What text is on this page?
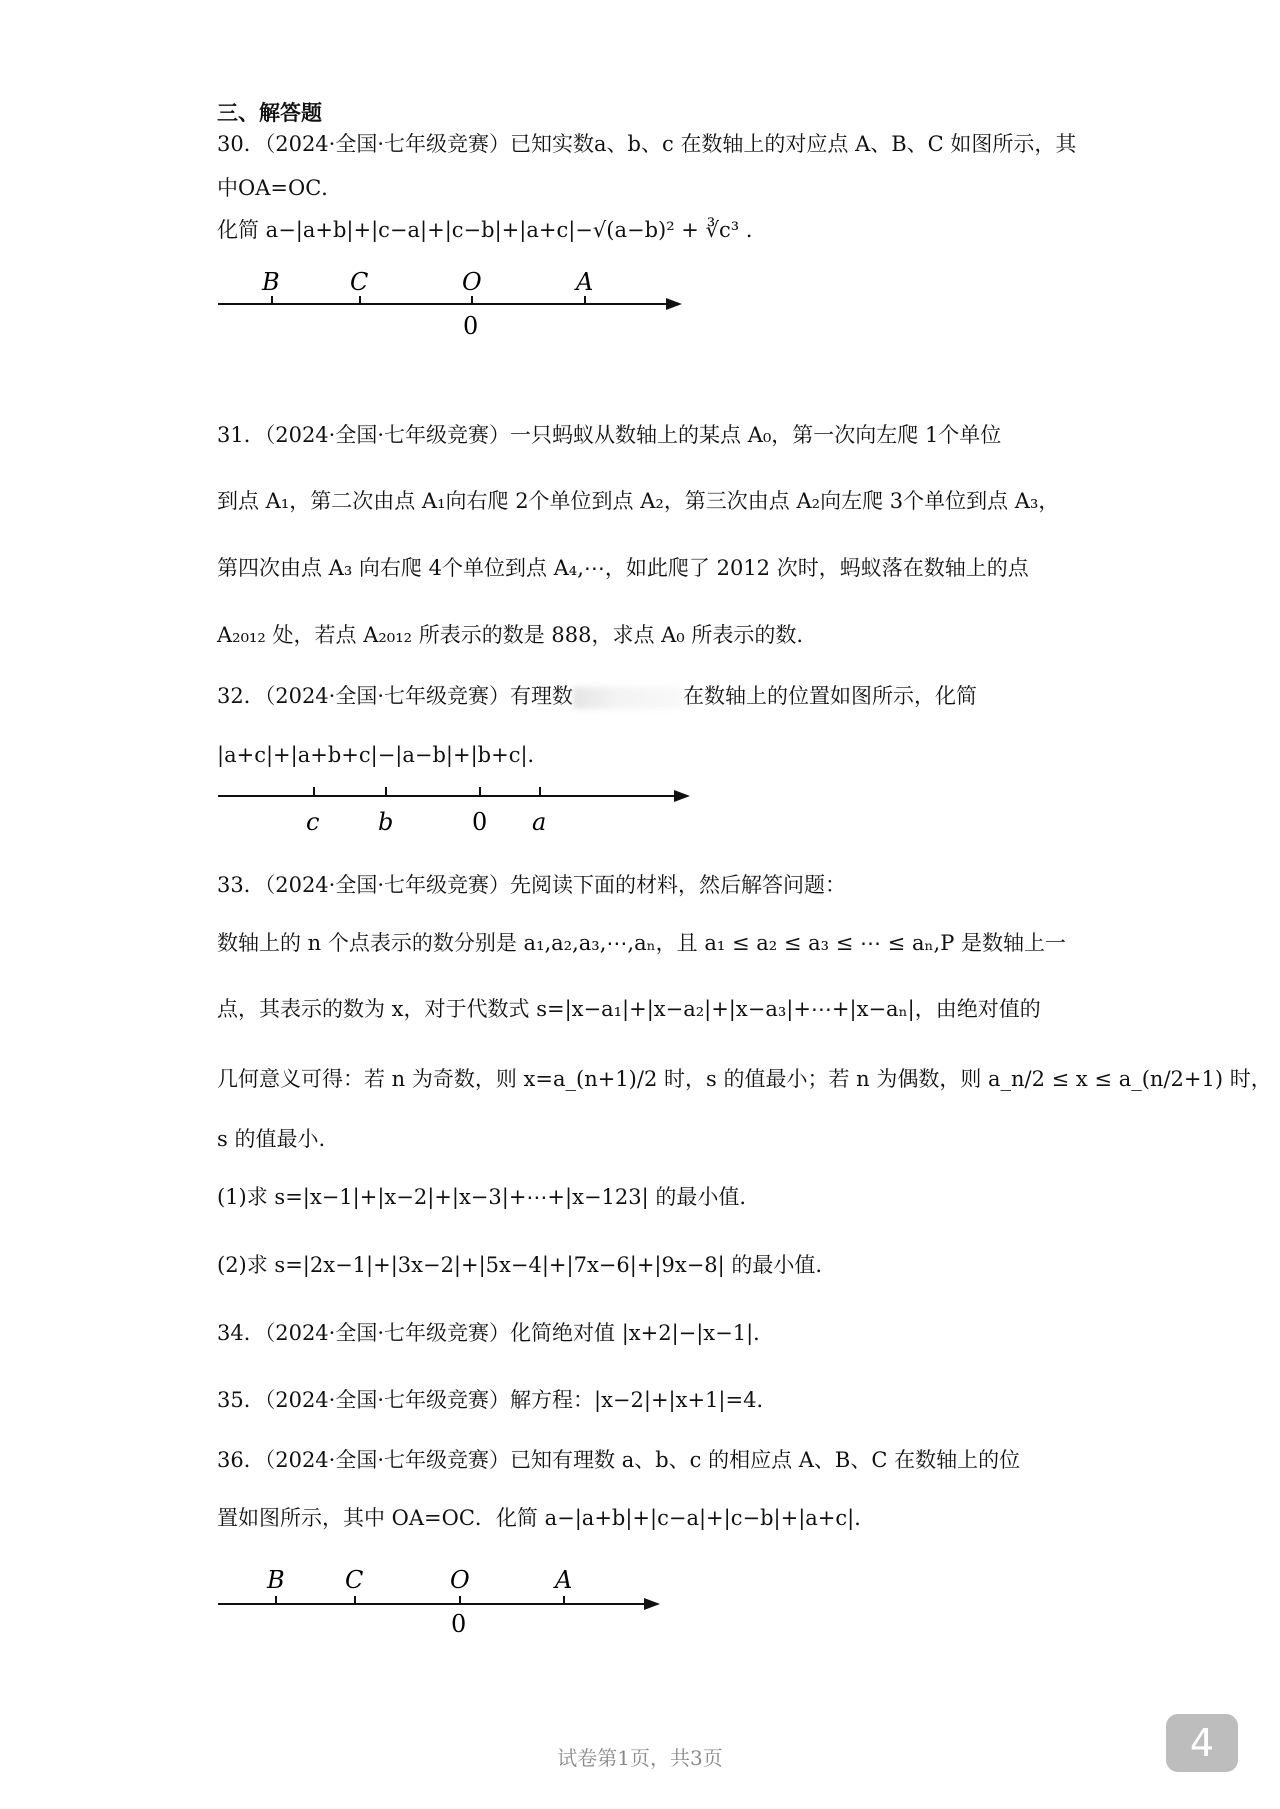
三、解答题
30．（2024·全国·七年级竞赛）已知实数a、b、c 在数轴上的对应点 A、B、C 如图所示，其中OA=OC．
化简 a−|a+b|+|c−a|+|c−b|+|a+c|−√(a−b)² + ∛c³ ．
B	C	O	A
0
31．（2024·全国·七年级竞赛）一只蚂蚁从数轴上的某点 A₀，第一次向左爬 1个单位
到点 A₁，第二次由点 A₁向右爬 2个单位到点 A₂，第三次由点 A₂向左爬 3个单位到点 A₃，
第四次由点 A₃ 向右爬 4个单位到点 A₄,⋯，如此爬了 2012 次时，蚂蚁落在数轴上的点
A₂₀₁₂ 处，若点 A₂₀₁₂ 所表示的数是 888，求点 A₀ 所表示的数.
32．（2024·全国·七年级竞赛）有理数	在数轴上的位置如图所示，化简
|a+c|+|a+b+c|−|a−b|+|b+c|．
c b	0 a
33．（2024·全国·七年级竞赛）先阅读下面的材料，然后解答问题：
数轴上的 n 个点表示的数分别是 a₁,a₂,a₃,⋯,aₙ，且 a₁ ≤ a₂ ≤ a₃ ≤ ⋯ ≤ aₙ,P 是数轴上一
点，其表示的数为 x，对于代数式 s=|x−a₁|+|x−a₂|+|x−a₃|+⋯+|x−aₙ|，由绝对值的
几何意义可得：若 n 为奇数，则 x=a_(n+1)/2 时，s 的值最小；若 n 为偶数，则 a_n/2 ≤ x ≤ a_(n/2+1) 时，
s 的值最小.
(1)求 s=|x−1|+|x−2|+|x−3|+⋯+|x−123| 的最小值.
(2)求 s=|2x−1|+|3x−2|+|5x−4|+|7x−6|+|9x−8| 的最小值.
34．（2024·全国·七年级竞赛）化简绝对值 |x+2|−|x−1|．
35．（2024·全国·七年级竞赛）解方程：|x−2|+|x+1|=4．
36．（2024·全国·七年级竞赛）已知有理数 a、b、c 的相应点 A、B、C 在数轴上的位
置如图所示，其中 OA=OC．化简 a−|a+b|+|c−a|+|c−b|+|a+c|．
B	C	O	A
0
试卷第1页，共3页	4
